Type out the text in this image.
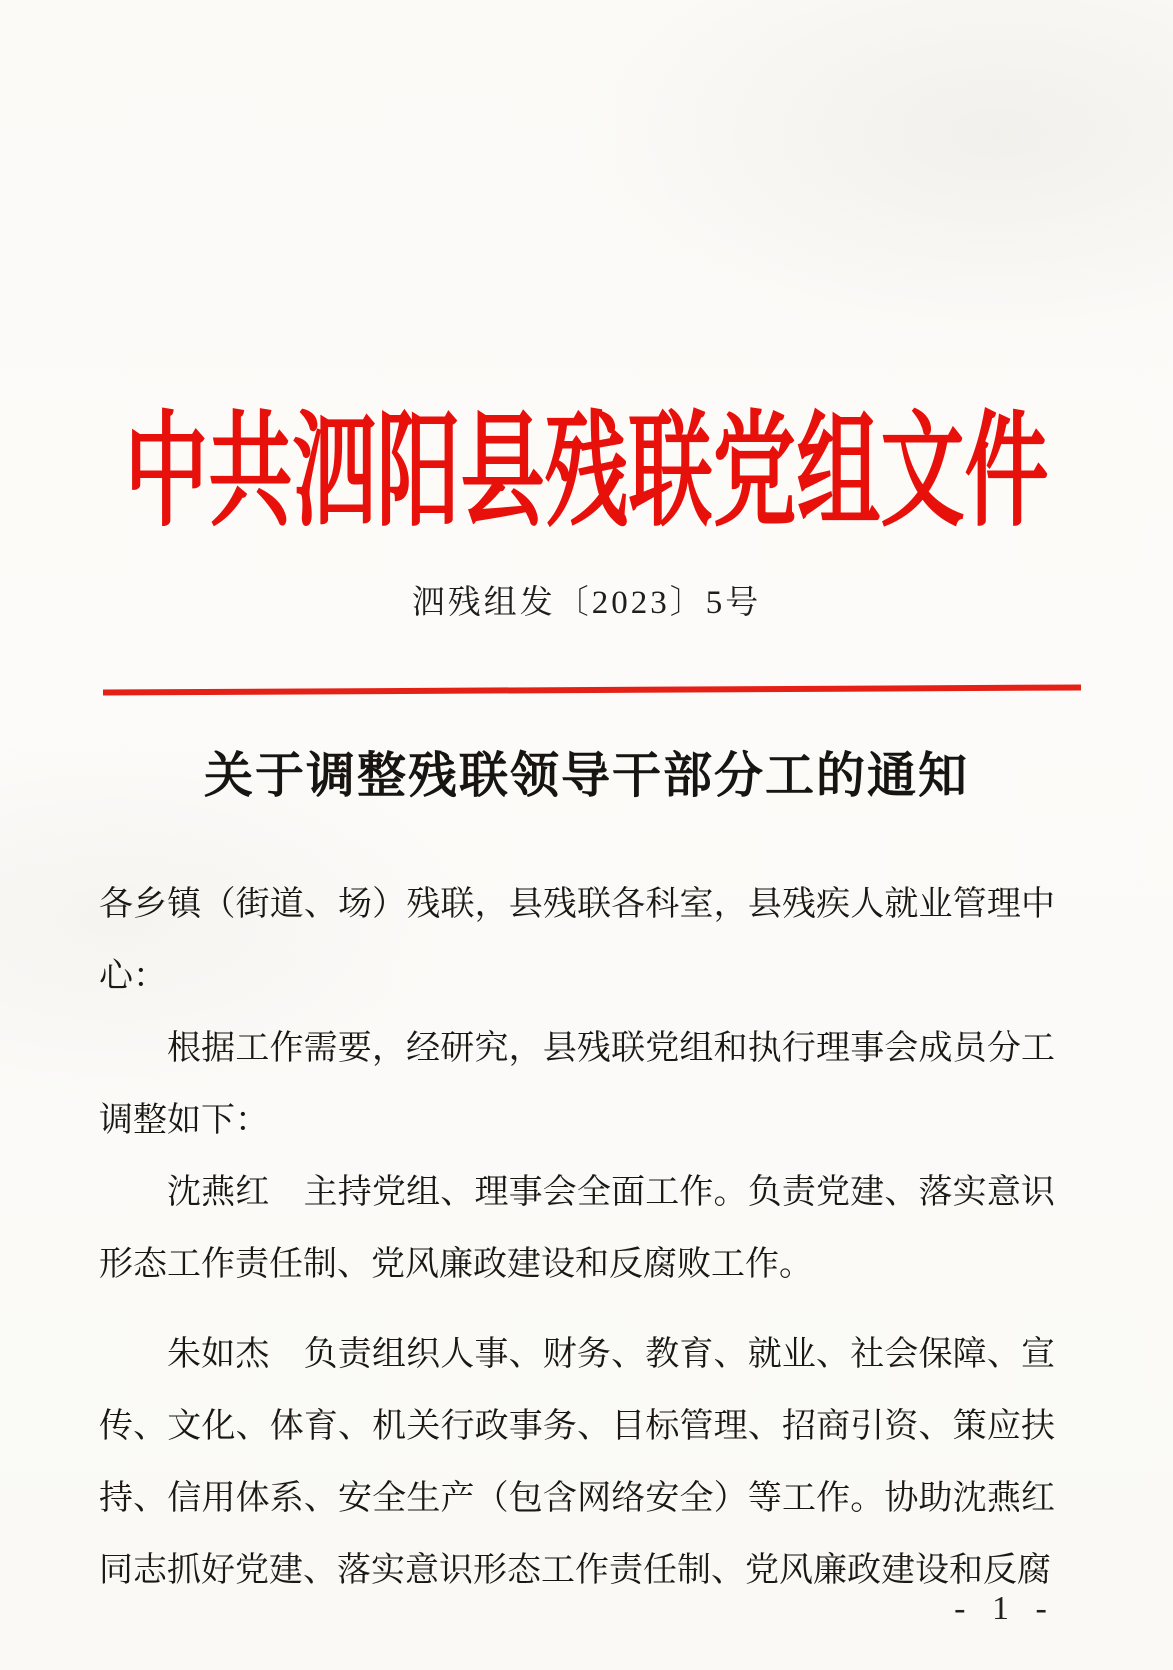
中共泗阳县残联党组文件
泗残组发〔2023〕5号
关于调整残联领导干部分工的通知

各乡镇（街道、场）残联，县残联各科室，县残疾人就业管理中心：

根据工作需要，经研究，县残联党组和执行理事会成员分工调整如下：

沈燕红　主持党组、理事会全面工作。负责党建、落实意识形态工作责任制、党风廉政建设和反腐败工作。

朱如杰　负责组织人事、财务、教育、就业、社会保障、宣传、文化、体育、机关行政事务、目标管理、招商引资、策应扶持、信用体系、安全生产（包含网络安全）等工作。协助沈燕红同志抓好党建、落实意识形态工作责任制、党风廉政建设和反腐

- 1 -
